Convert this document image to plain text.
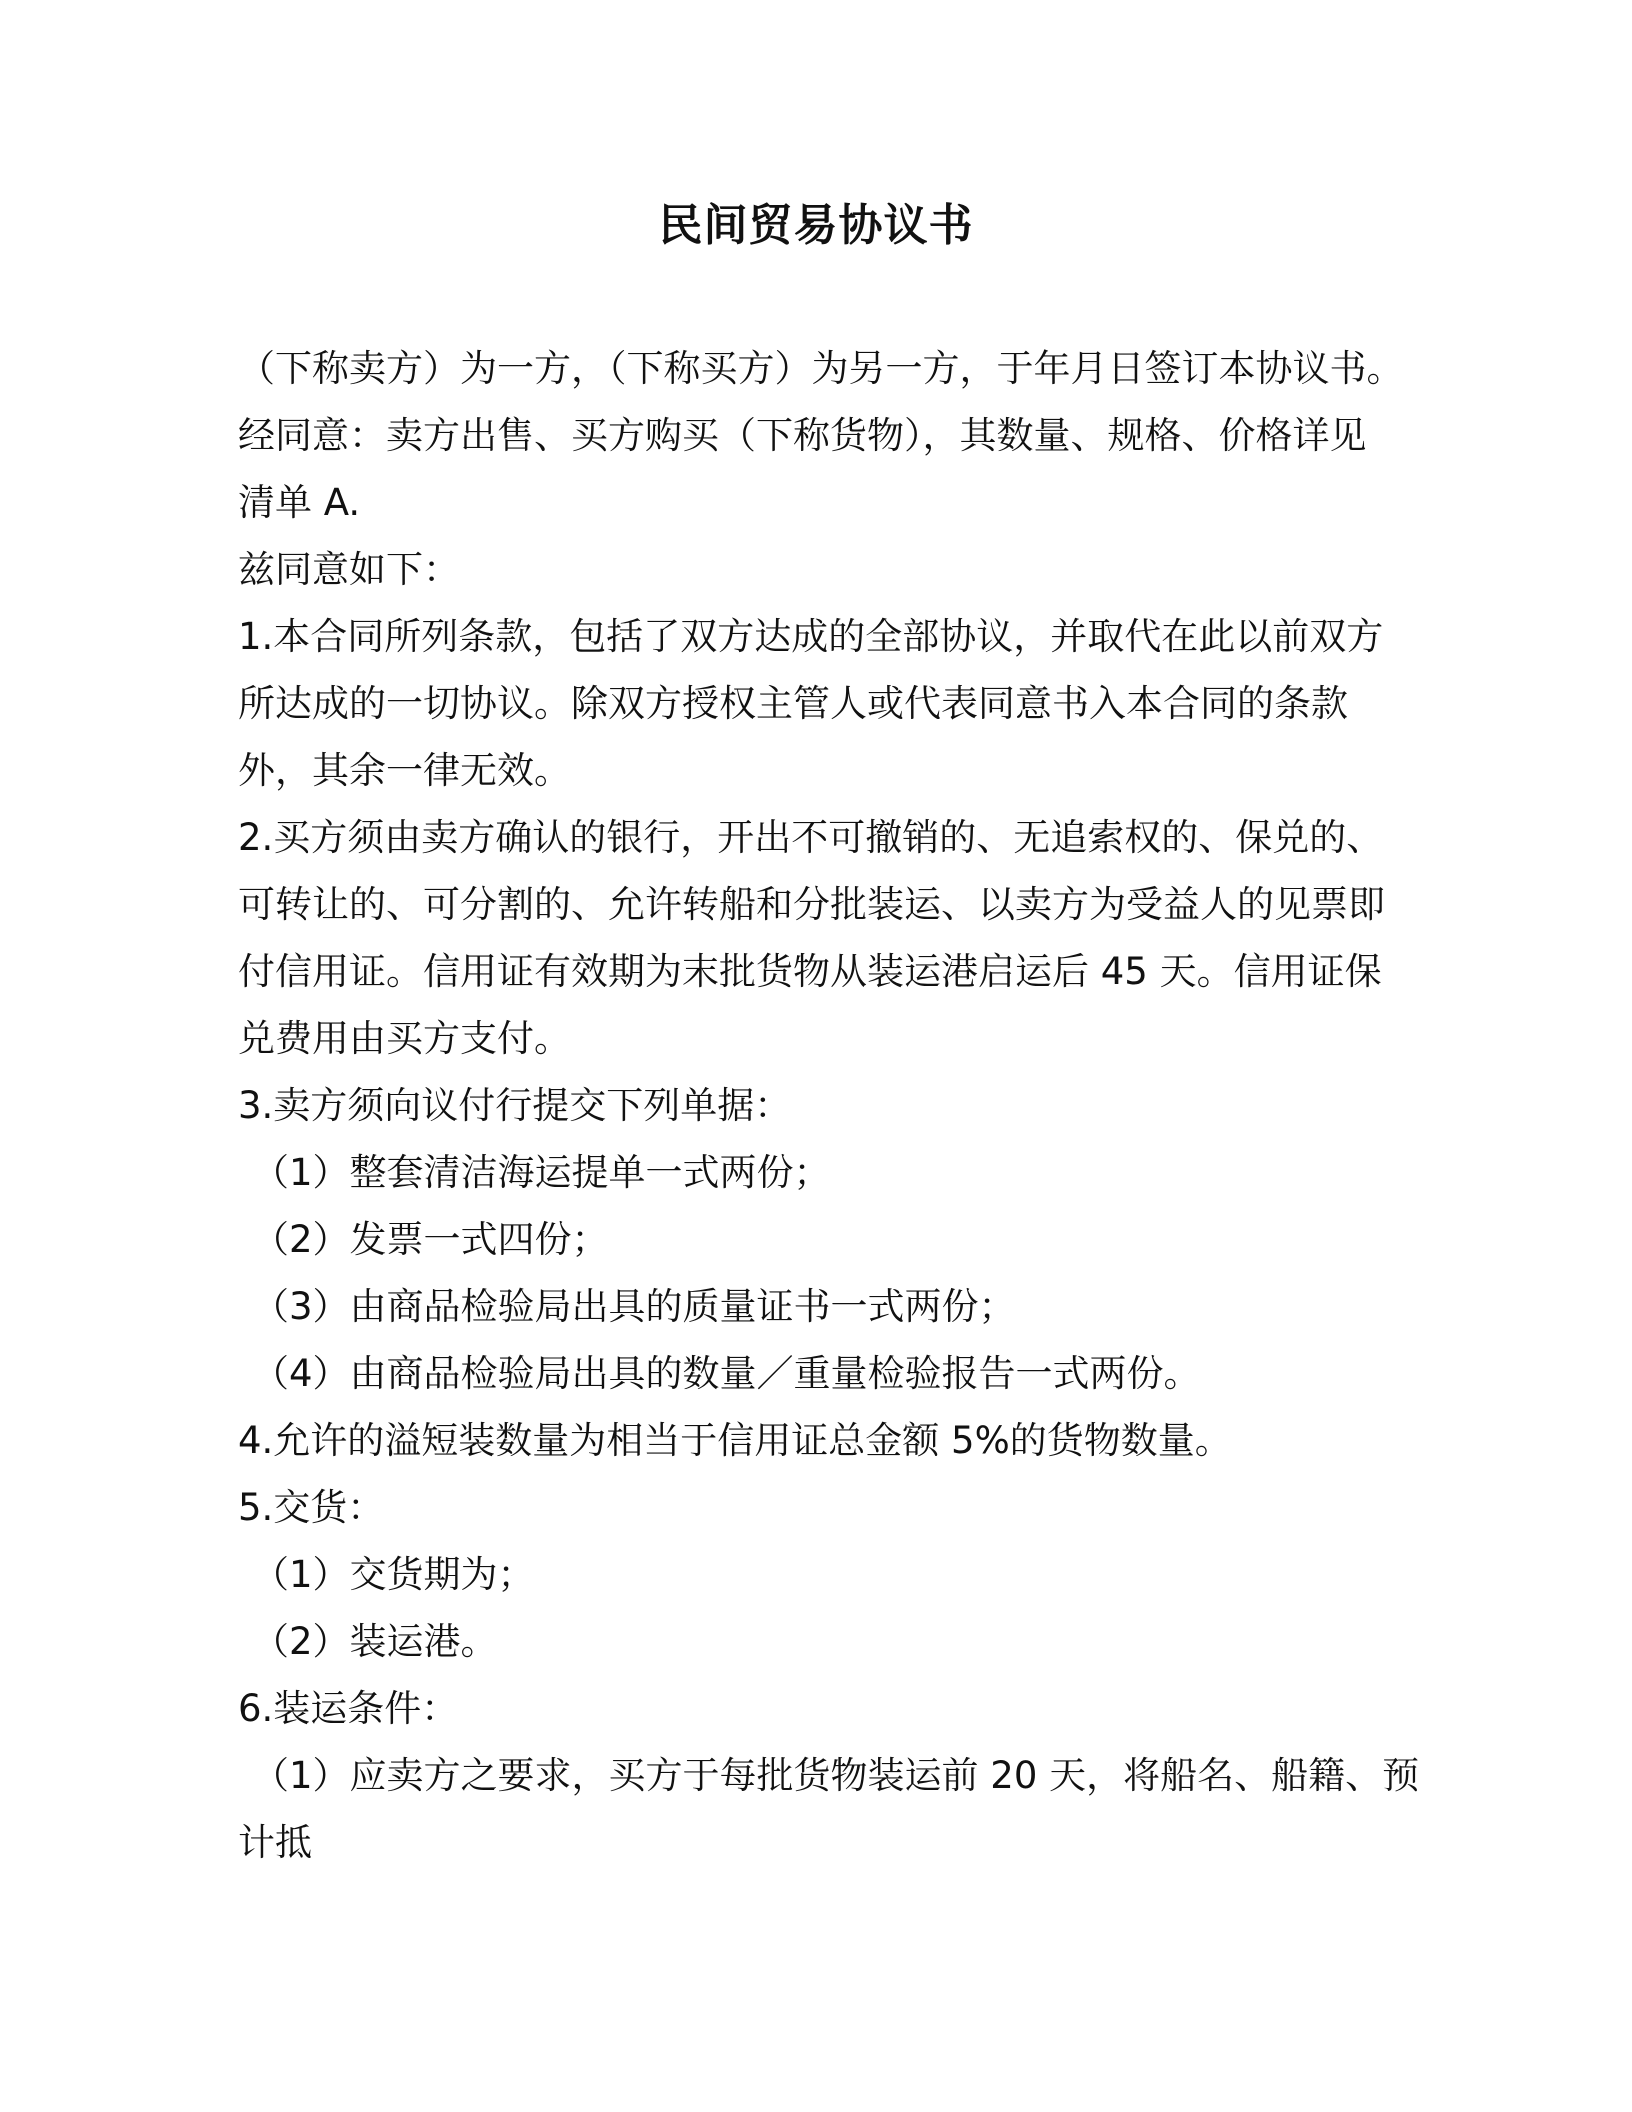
民间贸易协议书
（下称卖方）为一方，（下称买方）为另一方，于年月日签订本协议书。
经同意：卖方出售、买方购买（下称货物），其数量、规格、价格详见
清单 A.
兹同意如下：
1.本合同所列条款，包括了双方达成的全部协议，并取代在此以前双方
所达成的一切协议。除双方授权主管人或代表同意书入本合同的条款
外，其余一律无效。
2.买方须由卖方确认的银行，开出不可撤销的、无追索权的、保兑的、
可转让的、可分割的、允许转船和分批装运、以卖方为受益人的见票即
付信用证。信用证有效期为末批货物从装运港启运后 45 天。信用证保
兑费用由买方支付。
3.卖方须向议付行提交下列单据：
（1）整套清洁海运提单一式两份；
（2）发票一式四份；
（3）由商品检验局出具的质量证书一式两份；
（4）由商品检验局出具的数量／重量检验报告一式两份。
4.允许的溢短装数量为相当于信用证总金额 5%的货物数量。
5.交货：
（1）交货期为；
（2）装运港。
6.装运条件：
（1）应卖方之要求，买方于每批货物装运前 20 天，将船名、船籍、预
计抵
